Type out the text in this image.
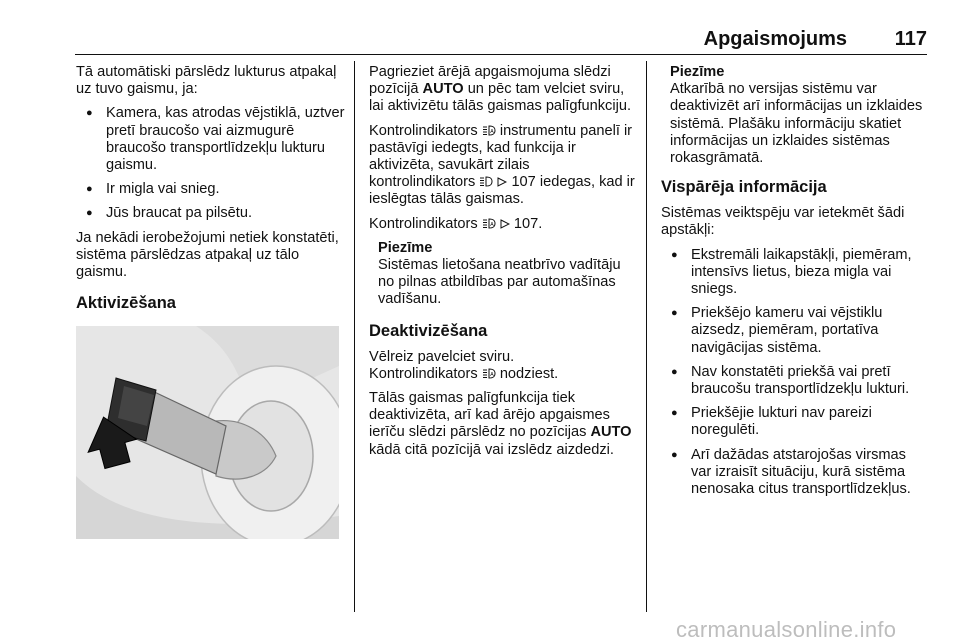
Apgaismojums 117

Tā automātiski pārslēdz lukturus atpakaļ uz tuvo gaismu, ja:

● Kamera, kas atrodas vējstiklā, uztver pretī braucošo vai aizmugurē braucošo transportlīdzekļu lukturu gaismu.
● Ir migla vai snieg.
● Jūs braucat pa pilsētu.

Ja nekādi ierobežojumi netiek konstatēti, sistēma pārslēdzas atpakaļ uz tālo gaismu.

Aktivizēšana

Pagrieziet ārējā apgaismojuma slēdzi pozīcijā AUTO un pēc tam velciet sviru, lai aktivizētu tālās gaismas palīgfunkciju.

Kontrolindikators A instrumentu panelī ir pastāvīgi iedegts, kad funkcija ir aktivizēta, savukārt zilais kontrolindikators   107 iedegas, kad ir ieslēgtas tālās gaismas.

Kontrolindikators A 107.

Piezīme
Sistēmas lietošana neatbrīvo vadītāju no pilnas atbildības par automašīnas vadīšanu.
Deaktivizēšana

Vēlreiz pavelciet sviru.

Kontrolindikators A nodziest.

Tālās gaismas palīgfunkcija tiek deaktivizēta, arī kad ārējo apgaismes ierīču slēdzi pārslēdz no pozīcijas AUTO kādā citā pozīcijā vai izslēdz aizdedzi.

Piezīme
Atkarībā no versijas sistēmu var deaktivizēt arī informācijas un izklaides sistēmā. Plašāku informāciju skatiet informācijas un izklaides sistēmas rokasgrāmatā.
Vispārēja informācija

Sistēmas veiktspēju var ietekmēt šādi apstākļi:

● Ekstremāli laikapstākļi, piemēram, intensīvs lietus, bieza migla vai sniegs.
● Priekšējo kameru vai vējstiklu aizsedz, piemēram, portatīva navigācijas sistēma.
● Nav konstatēti priekšā vai pretī braucošu transportlīdzekļu lukturi.
● Priekšējie lukturi nav pareizi noregulēti.
● Arī dažādas atstarojošas virsmas var izraisīt situāciju, kurā sistēma nenosaka citus transportlīdzekļus.
carmanualsonline.info
